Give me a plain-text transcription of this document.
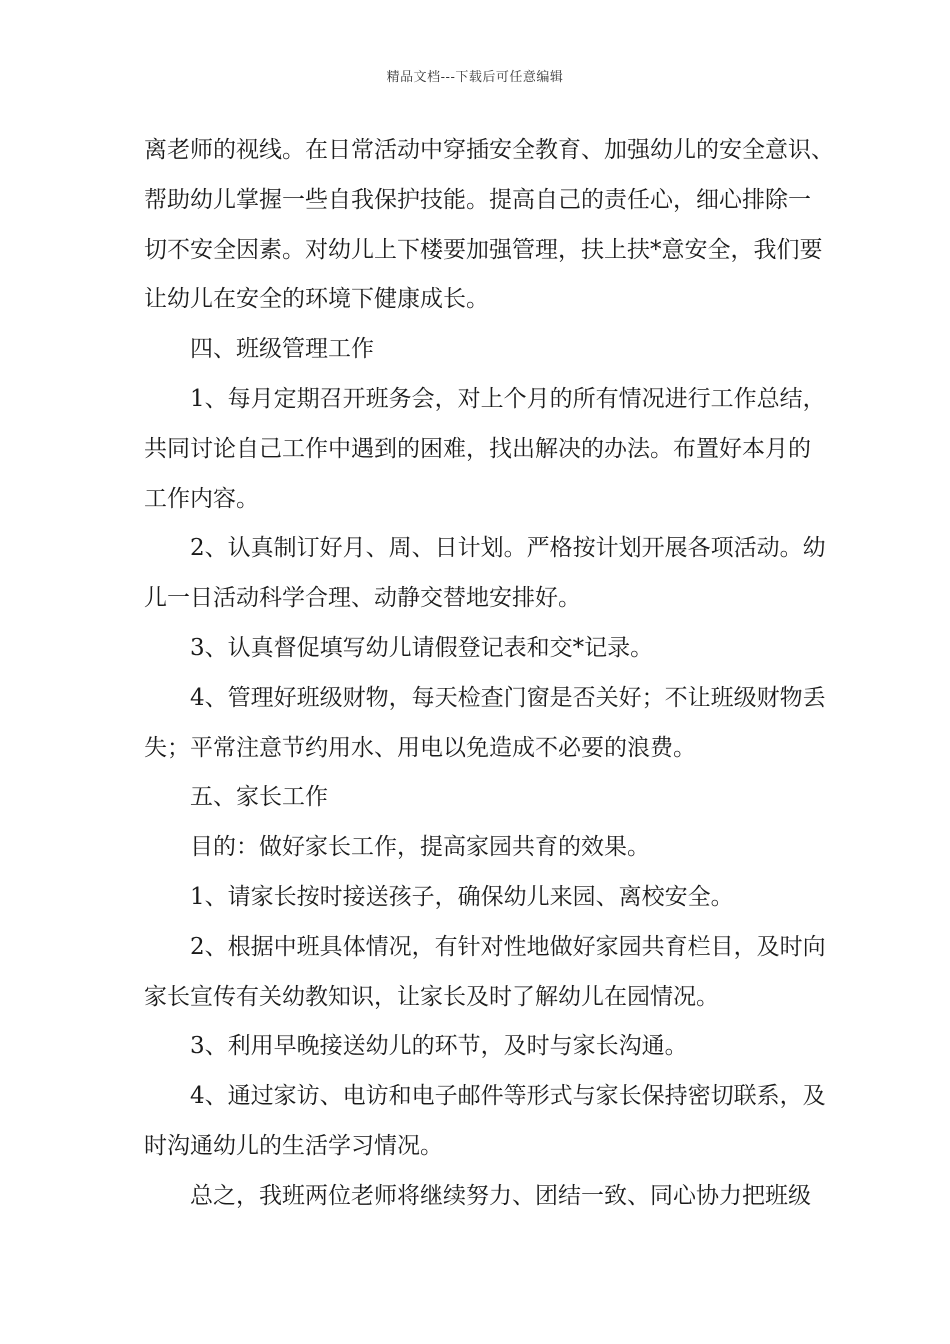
精品文档---下载后可任意编辑
离老师的视线。在日常活动中穿插安全教育、加强幼儿的安全意识、
帮助幼儿掌握一些自我保护技能。提高自己的责任心，细心排除一
切不安全因素。对幼儿上下楼要加强管理，扶上扶*意安全，我们要
让幼儿在安全的环境下健康成长。
四、班级管理工作
1、每月定期召开班务会，对上个月的所有情况进行工作总结，
共同讨论自己工作中遇到的困难，找出解决的办法。布置好本月的
工作内容。
2、认真制订好月、周、日计划。严格按计划开展各项活动。幼
儿一日活动科学合理、动静交替地安排好。
3、认真督促填写幼儿请假登记表和交*记录。
4、管理好班级财物，每天检查门窗是否关好；不让班级财物丢
失；平常注意节约用水、用电以免造成不必要的浪费。
五、家长工作
目的：做好家长工作，提高家园共育的效果。
1、请家长按时接送孩子，确保幼儿来园、离校安全。
2、根据中班具体情况，有针对性地做好家园共育栏目，及时向
家长宣传有关幼教知识，让家长及时了解幼儿在园情况。
3、利用早晚接送幼儿的环节，及时与家长沟通。
4、通过家访、电访和电子邮件等形式与家长保持密切联系，及
时沟通幼儿的生活学习情况。
总之，我班两位老师将继续努力、团结一致、同心协力把班级
